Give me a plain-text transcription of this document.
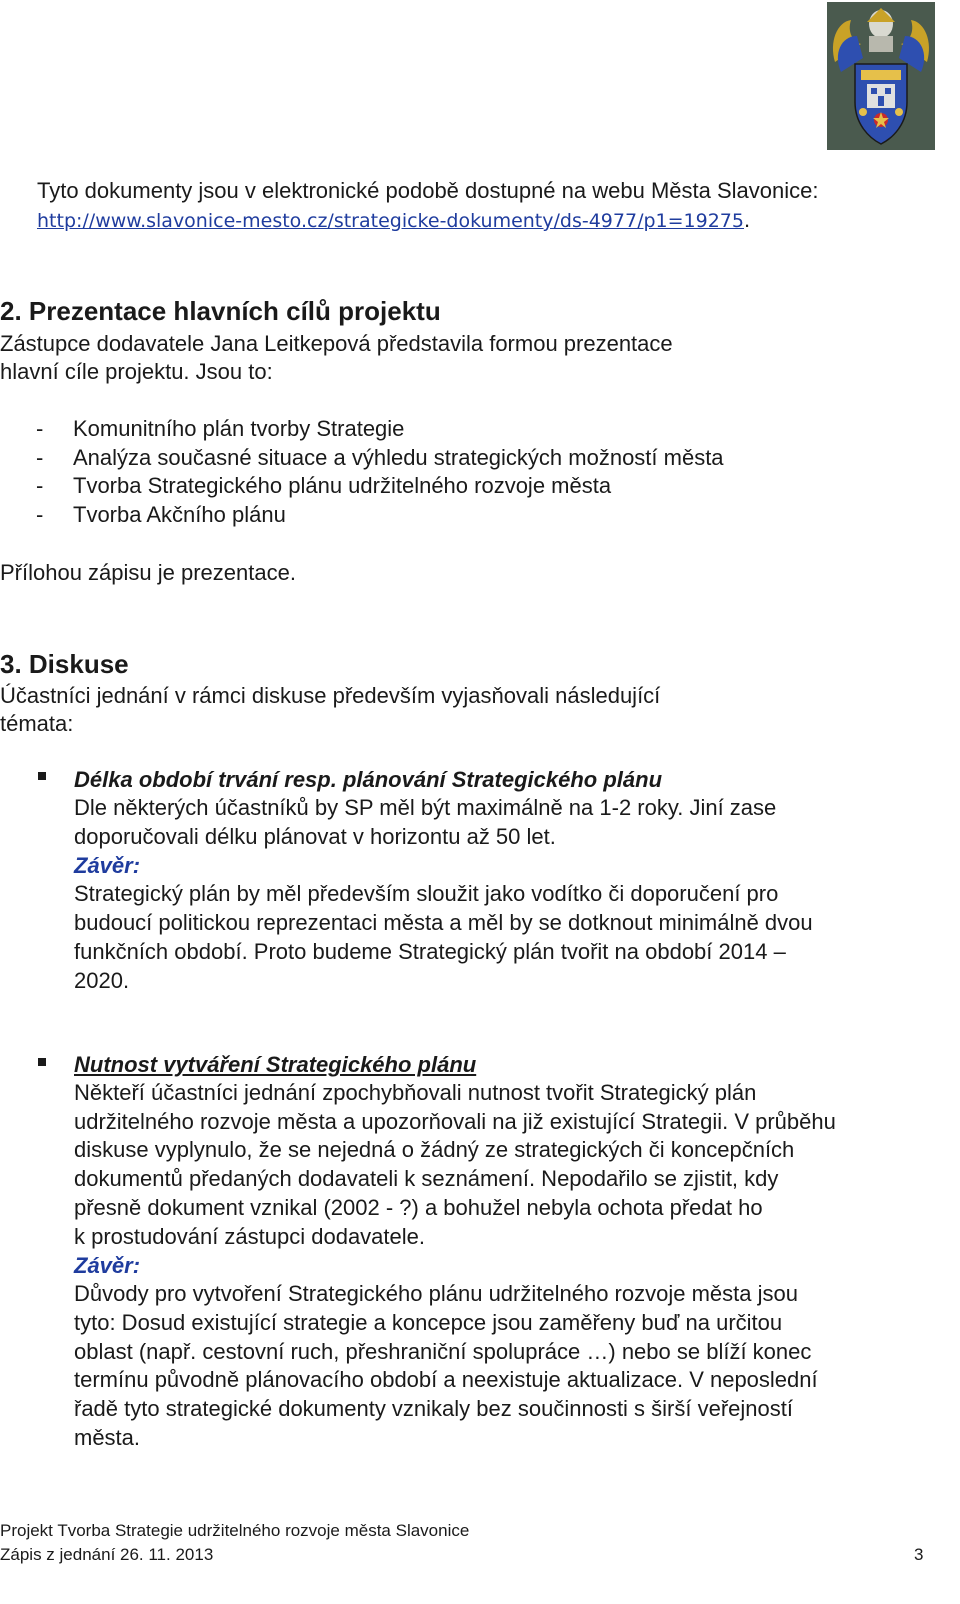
Tyto dokumenty jsou v elektronické podobě dostupné na webu Města Slavonice:
http://www.slavonice-mesto.cz/strategicke-dokumenty/ds-4977/p1=19275.
2. Prezentace hlavních cílů projektu
Zástupce dodavatele Jana Leitkepová představila formou prezentace
hlavní cíle projektu. Jsou to:
- Komunitního plán tvorby Strategie
- Analýza současné situace a výhledu strategických možností města
- Tvorba Strategického plánu udržitelného rozvoje města
- Tvorba Akčního plánu
Přílohou zápisu je prezentace.
3. Diskuse
Účastníci jednání v rámci diskuse především vyjasňovali následující
témata:
Délka období trvání resp. plánování Strategického plánu
Dle některých účastníků by SP měl být maximálně na 1-2 roky. Jiní zase
doporučovali délku plánovat v horizontu až 50 let.
Závěr:
Strategický plán by měl především sloužit jako vodítko či doporučení pro
budoucí politickou reprezentaci města a měl by se dotknout minimálně dvou
funkčních období. Proto budeme Strategický plán tvořit na období 2014 –
2020.
Nutnost vytváření Strategického plánu
Někteří účastníci jednání zpochybňovali nutnost tvořit Strategický plán
udržitelného rozvoje města a upozorňovali na již existující Strategii. V průběhu
diskuse vyplynulo, že se nejedná o žádný ze strategických či koncepčních
dokumentů předaných dodavateli k seznámení. Nepodařilo se zjistit, kdy
přesně dokument vznikal (2002 - ?) a bohužel nebyla ochota předat ho
k prostudování zástupci dodavatele.
Závěr:
Důvody pro vytvoření Strategického plánu udržitelného rozvoje města jsou
tyto: Dosud existující strategie a koncepce jsou zaměřeny buď na určitou
oblast (např. cestovní ruch, přeshraniční spolupráce …) nebo se blíží konec
termínu původně plánovacího období a neexistuje aktualizace. V neposlední
řadě tyto strategické dokumenty vznikaly bez součinnosti s širší veřejností
města.
Projekt Tvorba Strategie udržitelného rozvoje města Slavonice
Zápis z jednání 26. 11. 2013	3
